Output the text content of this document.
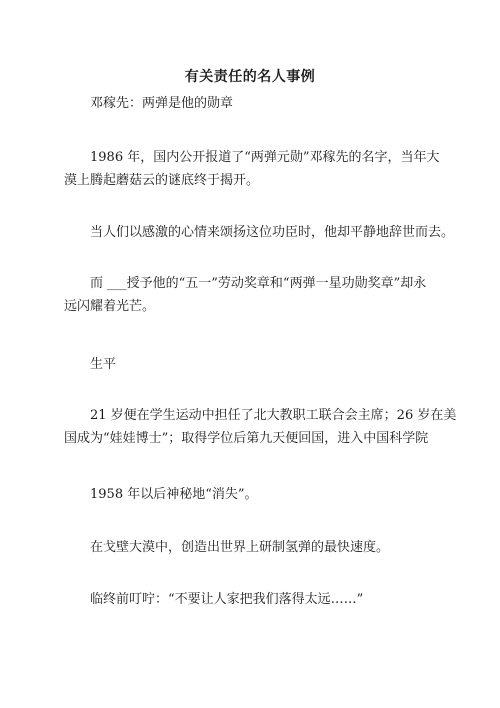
有关责任的名人事例

邓稼先：两弹是他的勋章

1986 年，国内公开报道了“两弹元勋”邓稼先的名字，当年大
漠上腾起蘑菇云的谜底终于揭开。

当人们以感激的心情来颂扬这位功臣时，他却平静地辞世而去。

而 ___授予他的“五一”劳动奖章和“两弹一星功勋奖章”却永
远闪耀着光芒。

生平

21 岁便在学生运动中担任了北大教职工联合会主席；26 岁在美
国成为“娃娃博士”；取得学位后第九天便回国，进入中国科学院

1958 年以后神秘地“消失”。

在戈壁大漠中，创造出世界上研制氢弹的最快速度。

临终前叮咛：“不要让人家把我们落得太远……”
